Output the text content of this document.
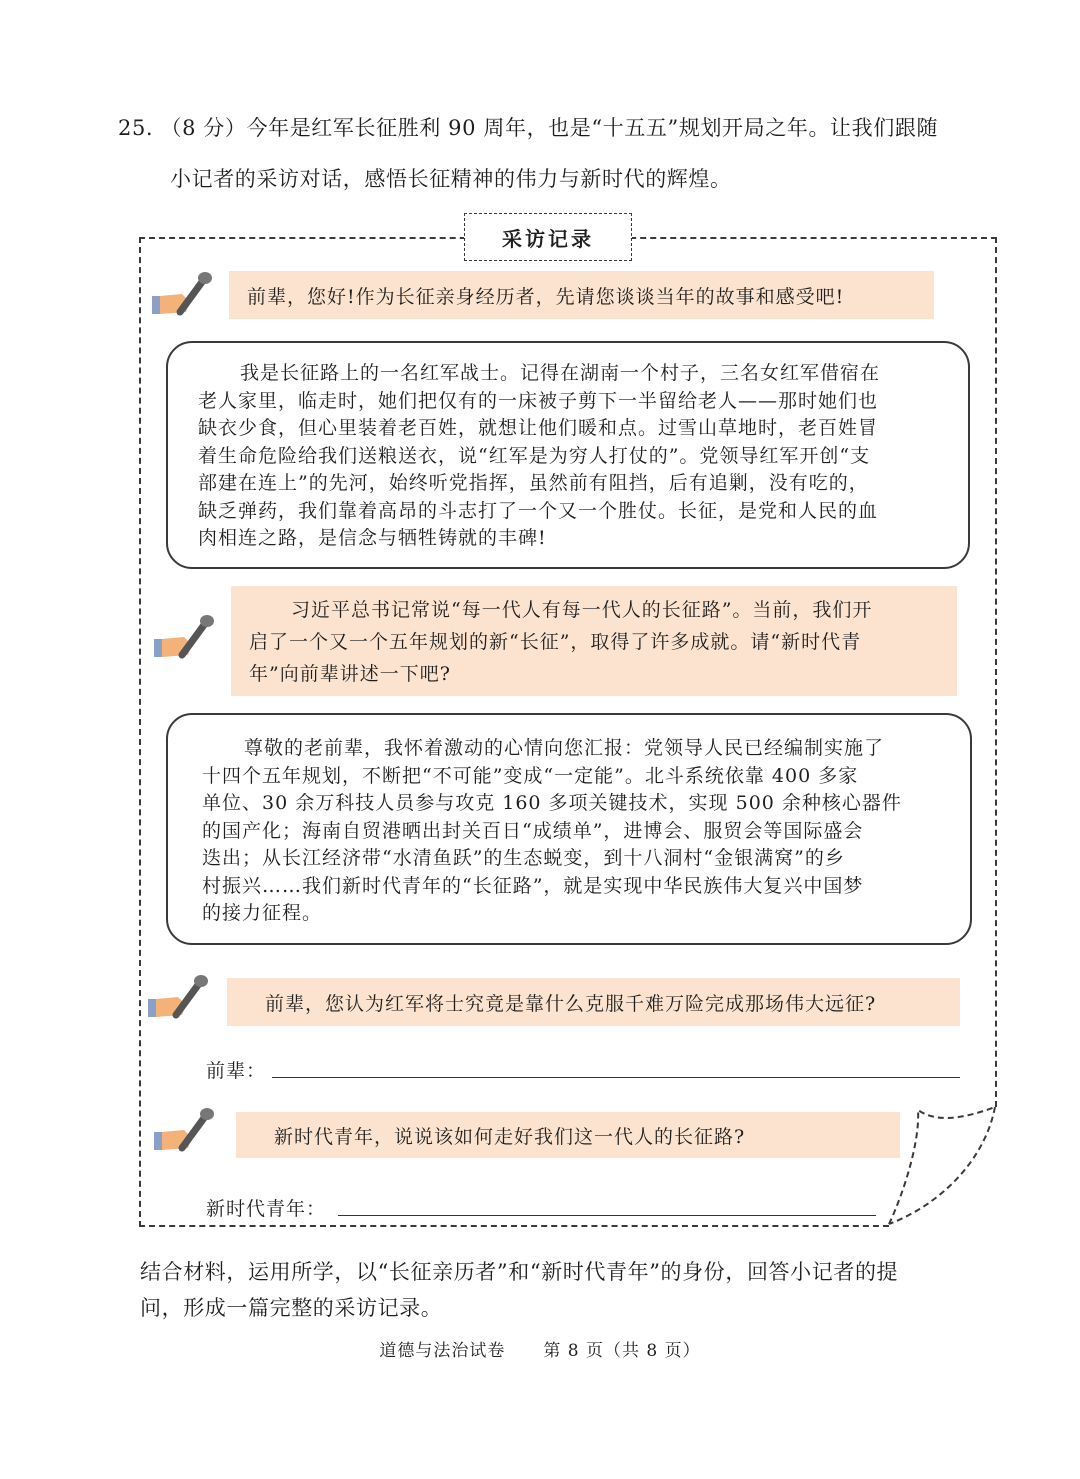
25. （8 分）今年是红军长征胜利 90 周年，也是“十五五”规划开局之年。让我们跟随
小记者的采访对话，感悟长征精神的伟力与新时代的辉煌。
采访记录
前辈，您好!作为长征亲身经历者，先请您谈谈当年的故事和感受吧!
我是长征路上的一名红军战士。记得在湖南一个村子，三名女红军借宿在
老人家里，临走时，她们把仅有的一床被子剪下一半留给老人——那时她们也
缺衣少食，但心里装着老百姓，就想让他们暖和点。过雪山草地时，老百姓冒
着生命危险给我们送粮送衣，说“红军是为穷人打仗的”。党领导红军开创“支
部建在连上”的先河，始终听党指挥，虽然前有阻挡，后有追剿，没有吃的，
缺乏弹药，我们靠着高昂的斗志打了一个又一个胜仗。长征，是党和人民的血
肉相连之路，是信念与牺牲铸就的丰碑!
习近平总书记常说“每一代人有每一代人的长征路”。当前，我们开
启了一个又一个五年规划的新“长征”，取得了许多成就。请“新时代青
年”向前辈讲述一下吧?
尊敬的老前辈，我怀着激动的心情向您汇报：党领导人民已经编制实施了
十四个五年规划，不断把“不可能”变成“一定能”。北斗系统依靠 400 多家
单位、30 余万科技人员参与攻克 160 多项关键技术，实现 500 余种核心器件
的国产化；海南自贸港晒出封关百日“成绩单”，进博会、服贸会等国际盛会
迭出；从长江经济带“水清鱼跃”的生态蜕变，到十八洞村“金银满窝”的乡
村振兴……我们新时代青年的“长征路”，就是实现中华民族伟大复兴中国梦
的接力征程。
前辈，您认为红军将士究竟是靠什么克服千难万险完成那场伟大远征?
前辈：
新时代青年，说说该如何走好我们这一代人的长征路?
新时代青年：
结合材料，运用所学，以“长征亲历者”和“新时代青年”的身份，回答小记者的提
问，形成一篇完整的采访记录。
道德与法治试卷 第 8 页（共 8 页）
